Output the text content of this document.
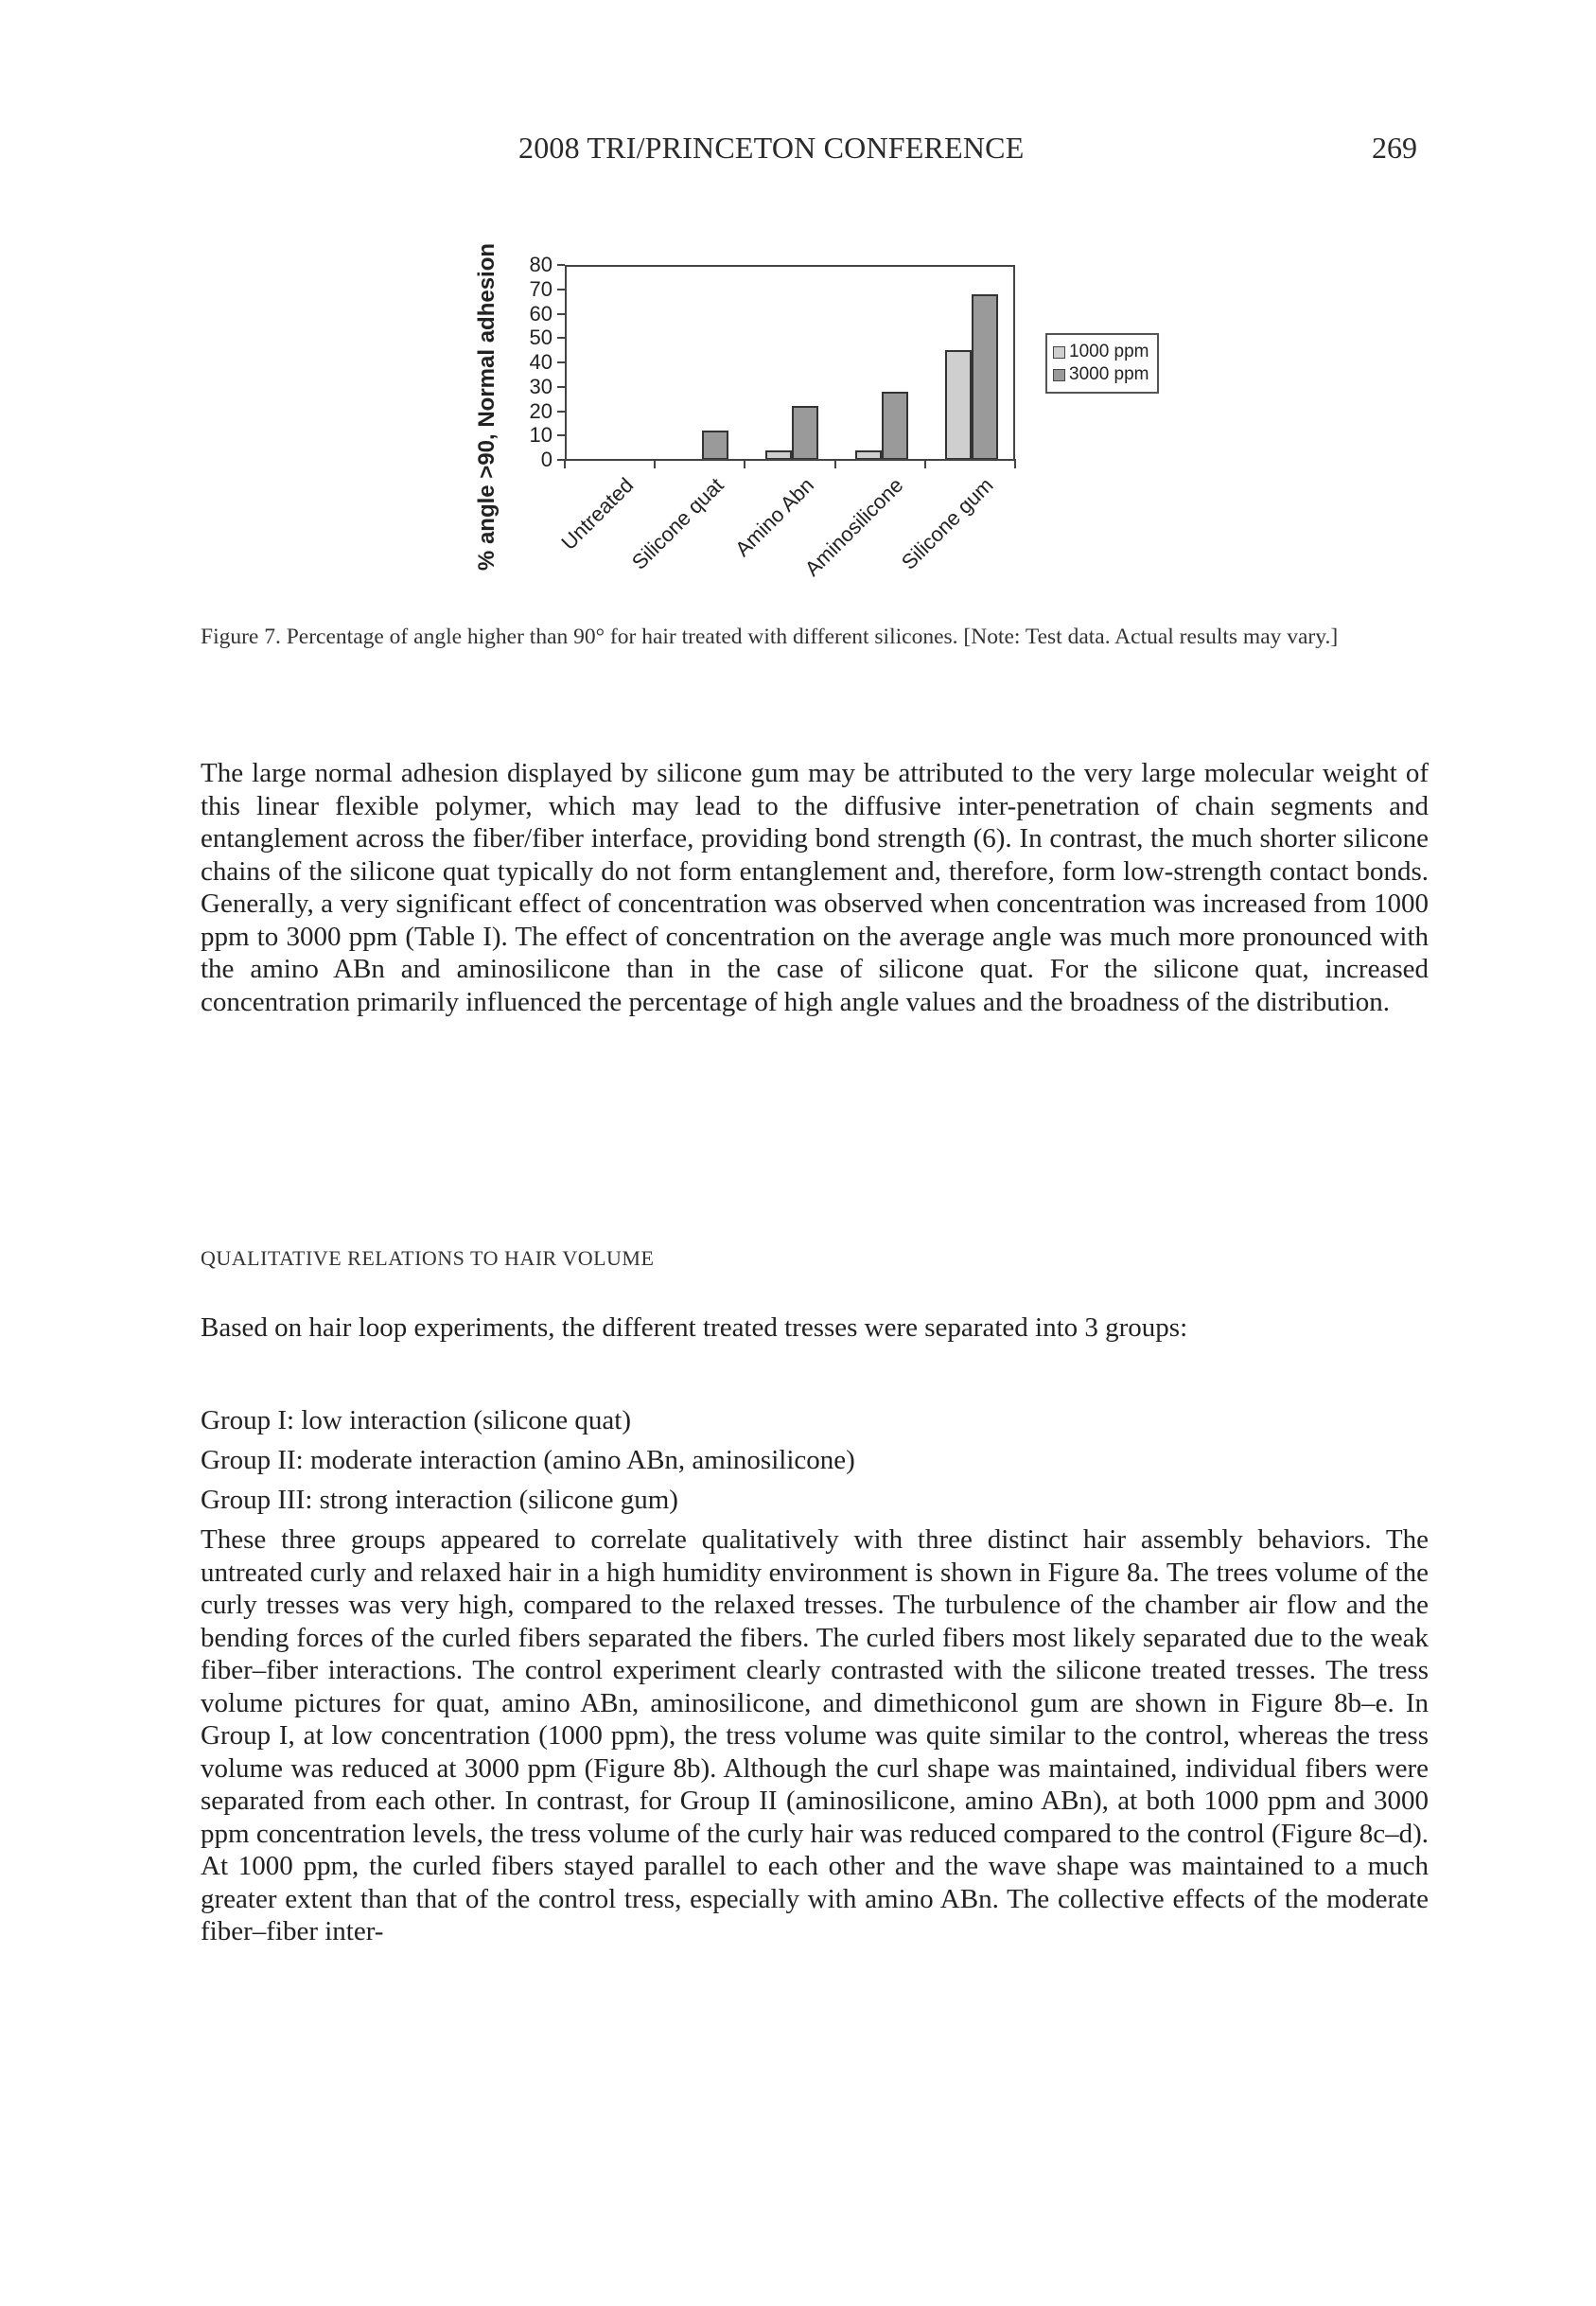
2008 TRI/PRINCETON CONFERENCE	269
% angle >90, Normal adhesion 0
10
20
30
40
50
60
70
80
Untreated
Silicone quat Amino Abn
Aminosilicone
Silicone gum
1000 ppm
3000 ppm
Figure 7. Percentage of angle higher than 90° for hair treated with different silicones. [Note: Test data. Actual results may vary.]

The large normal adhesion displayed by silicone gum may be attributed to the very large molecular weight of this linear flexible polymer, which may lead to the diffusive inter-penetration of chain segments and entanglement across the fiber/fiber interface, providing bond strength (6). In contrast, the much shorter silicone chains of the silicone quat typically do not form entanglement and, therefore, form low-strength contact bonds. Generally, a very significant effect of concentration was observed when concentration was increased from 1000 ppm to 3000 ppm (Table I). The effect of concentration on the average angle was much more pronounced with the amino ABn and aminosilicone than in the case of silicone quat. For the silicone quat, increased concentration primarily influenced the percentage of high angle values and the broadness of the distribution.

QUALITATIVE RELATIONS TO HAIR VOLUME

Based on hair loop experiments, the different treated tresses were separated into 3 groups:

Group I: low interaction (silicone quat)
Group II: moderate interaction (amino ABn, aminosilicone)
Group III: strong interaction (silicone gum)

These three groups appeared to correlate qualitatively with three distinct hair assembly behaviors. The untreated curly and relaxed hair in a high humidity environment is shown in Figure 8a. The trees volume of the curly tresses was very high, compared to the relaxed tresses. The turbulence of the chamber air flow and the bending forces of the curled fibers separated the fibers. The curled fibers most likely separated due to the weak fiber–fiber interactions. The control experiment clearly contrasted with the silicone treated tresses. The tress volume pictures for quat, amino ABn, aminosilicone, and dimethiconol gum are shown in Figure 8b–e. In Group I, at low concentration (1000 ppm), the tress volume was quite similar to the control, whereas the tress volume was reduced at 3000 ppm (Figure 8b). Although the curl shape was maintained, individual fibers were separated from each other. In contrast, for Group II (aminosilicone, amino ABn), at both 1000 ppm and 3000 ppm concentration levels, the tress volume of the curly hair was reduced compared to the control (Figure 8c–d). At 1000 ppm, the curled fibers stayed parallel to each other and the wave shape was maintained to a much greater extent than that of the control tress, especially with amino ABn. The collective effects of the moderate fiber–fiber inter-
